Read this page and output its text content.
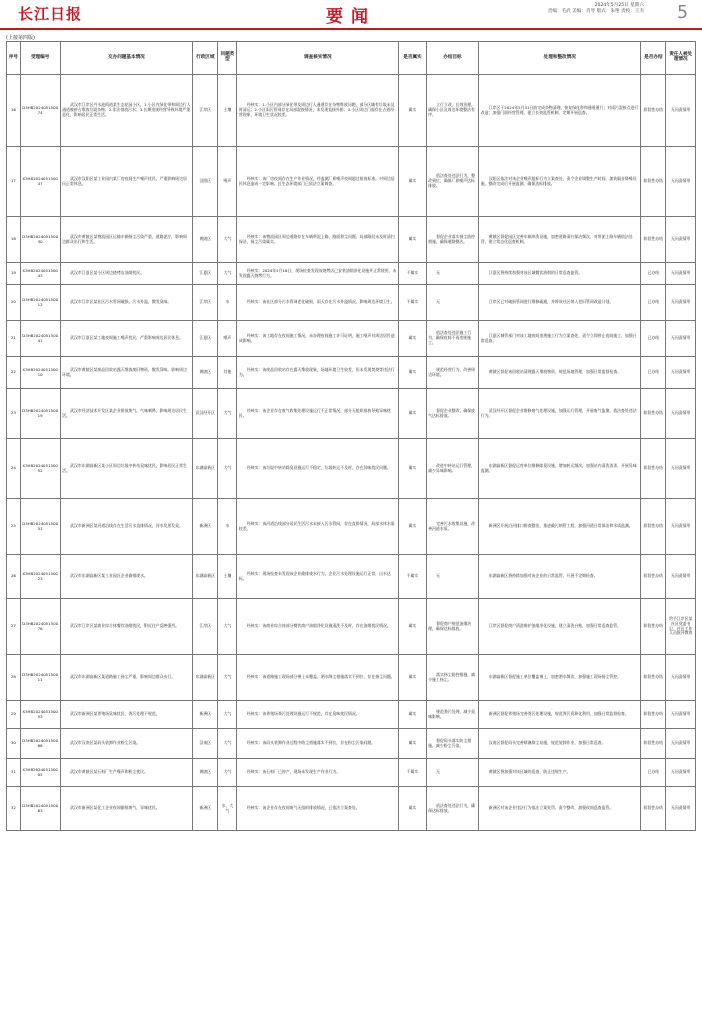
长江日报	要闻
2024年5月25日 星期六
责编：毛武 美编：肖琴 版式：朱艳 责校：王杰 5
(上接第四版)
序号	受理编号	交办问题基本情况	行政区域	问题类型	调查核实情况	是否属实	办结目标	处理和整改情况	是否办结	责任人被处理情况
16	D3HB202405150074	武汉市江岸区丹水池街道某生态花园小区，1.小区内绿化带和周边行人通道被挤占堆放垃圾杂物；2.非法排放污水；3.长期违规经营导致环境严重恶化，影响居民正常生活。	江岸区	土壤	经核实：1.小区内部分绿化带及周边行人通道存在杂物堆放问题，部分区域有垃圾未及时清运；2.小区雨污管网存在局部混接情况，未发现直接外排；3.小区周边门面存在占道经营现象，环境卫生状况较差。	属实	立行立改，长效治理，确保小区及周边环境整洁有序。	江岸区于2024年5月31日前完成杂物清理，恢复绿化带和通道通行；对雨污混接点进行改造；加强门面经营管理，建立长效监管机制，定期开展巡查。	阶段性办结	无问责情形
17	X3HB202405150047	武汉市汉阳区某工业园内某厂房夜间生产噪声扰民，严重影响周边居民正常休息。	汉阳区	噪声	经核实：该厂房夜间存在生产作业情况，经监测厂界噪声夜间超过排放标准，对周边居民休息造成一定影响。区生态环境部门已依法立案调查。	属实	依法查处违法行为，整改到位，确保厂界噪声达标排放。	汉阳区依法对该企业噪声超标行为立案查处，责令企业调整生产时间，加装隔音降噪设施，整改完成后开展监测，确保达标排放。	阶段性办结	无问责情形
18	D3HB202405150030	武汉市黄陂区某物流园区运输车辆扬尘污染严重，道路泥泞，影响周边群众出行和生活。	黄陂区	大气	经核实：该物流园区周边道路存在车辆带泥上路、路面积尘问题，局部路段未及时清扫保洁，扬尘污染属实。	属实	督促企业落实扬尘防控措施，确保道路整洁。	黄陂区督促园区完善车辆冲洗设施，加密道路清扫保洁频次，对带泥上路车辆依法处罚，建立常态化巡查机制。	阶段性办结	无问责情形
19	X3HB202405150043	武汉市江夏区某小区周边烧烤店油烟扰民。	江夏区	大气	经核实：2024年5月16日，现场检查发现该烧烤店已安装油烟净化设施并正常使用，未发现露天烧烤行为。	不属实	无	江夏区将持续加强对该区域餐饮油烟的日常巡查监管。	已办结	无问责情形
20	D3HB202405150012	武汉市江岸区某社区污水管网破损，污水外溢，散发臭味。	江岸区	水	经核实：该社区部分污水管网老化破损，雨天存在污水外溢情况，影响周边环境卫生。	不属实	无	江岸区已对破损管网进行维修疏通，并将该社区纳入老旧管网改造计划。	已办结	无问责情形
21	D3HB202405150041	武汉市江夏区某工地夜间施工噪声扰民，严重影响周边居民休息。	江夏区	噪声	经核实：该工地存在夜间施工情况，未办理夜间施工许可证明，施工噪声对周边居民造成影响。	属实	依法查处违法施工行为，确保夜间不再违规施工。	江夏区城管部门对该工地夜间违规施工行为立案查处，责令立即停止夜间施工，加强日常巡查。	已办结	无问责情形
22	X3HB202405150010	武汉市黄陂区某废品回收站露天堆放废旧物资，散发异味，影响周边环境。	黄陂区	其他	经核实：该废品回收站存在露天堆放现象，场地环境卫生较差，但未发现焚烧等违法行为。	属实	规范经营行为，改善周边环境。	黄陂区督促该回收站清理露天堆放物资，规范场地管理，加强日常监督检查。	已办结	无问责情形
23	D3HB202405150019	武汉市经济技术开发区某企业排放废气，气味刺鼻，影响周边居民生活。	武汉经开区	大气	经核实：该企业存在废气收集处理设施运行不正常情况，部分无组织排放导致异味扰民。	属实	督促企业整改，确保废气达标排放。	武汉经开区督促企业维修废气处理设施，加强运行管理，开展废气监测，依法查处违法行为。	阶段性办结	无问责情形
24	X3HB202405150052	武汉市东湖高新区某小区周边垃圾中转站臭味扰民，影响居民正常生活。	东湖高新区	大气	经核实：该垃圾中转站除臭设施运行不稳定，垃圾转运不及时，存在异味扰民问题。	属实	改进中转站运行管理，减少异味影响。	东湖高新区督促运营单位维修除臭设施，增加转运频次，加强站内清洗消杀，开展异味监测。	阶段性办结	无问责情形
25	D3HB202405150051	武汉市新洲区某河道沿线存在生活污水直排情况，河水发黑发臭。	新洲区	水	经核实：该河道沿线部分居民生活污水未接入污水管网，存在直排情况，局部水体水质较差。	属实	完善污水收集设施，改善河道水质。	新洲区开展沿河排口排查整治，推进截污纳管工程，加强河道日常保洁和水质监测。	阶段性办结	无问责情形
26	X3HB202405150023	武汉市东湖高新区某工业园区企业偷排废水。	东湖高新区	土壤	经核实：现场检查未发现该企业偷排废水行为，企业污水处理设施运行正常，出水达标。	不属实	无	东湖高新区将持续加强对该企业的日常监管，开展不定期检查。	阶段性办结	无问责情形
27	D3HB202405150076	武汉市江岸区某商业综合体餐饮油烟扰民，附近住户反映强烈。	江岸区	大气	经核实：该商业综合体部分餐饮商户油烟净化设施清洗不及时，存在油烟扰民情况。	属实	督促商户规范油烟治理，确保达标排放。	江岸区督促商户清洗维护油烟净化设施，建立清洗台账，加强日常巡查监管。	阶段性办结	给予江岸区某社区党委书记、社区工作人员批评教育
28	D3HB202405150011	武汉市东湖高新区某道路施工扬尘严重，影响周边群众出行。	东湖高新区	大气	经核实：该道路施工现场部分裸土未覆盖，洒水降尘措施落实不到位，存在扬尘问题。	属实	落实扬尘防控措施，减少施工扬尘。	东湖高新区督促施工单位覆盖裸土，加密洒水频次，加强施工现场扬尘管控。	阶段性办结	无问责情形
29	X3HB202405150053	武汉市新洲区某养殖场臭味扰民，粪污处理不规范。	新洲区	大气	经核实：该养殖场粪污处理设施运行不规范，存在臭味扰民情况。	属实	规范粪污处理，减少臭味影响。	新洲区督促养殖场完善粪污处理设施，规范粪污资源化利用，加强日常监督检查。	阶段性办结	无问责情形
30	D3HB202405150068	武汉市汉南区某码头装卸作业粉尘污染。	汉南区	大气	经核实：该码头装卸作业过程中防尘措施落实不到位，存在粉尘污染问题。	属实	督促码头落实防尘措施，减少粉尘污染。	汉南区督促码头完善喷淋抑尘设施，规范装卸作业，加强日常巡查。	阶段性办结	无问责情形
31	X3HB202405150005	武汉市黄陂区某石料厂生产噪声和粉尘扰民。	黄陂区	大气	经核实：该石料厂已停产，现场未发现生产作业行为。	不属实	无	黄陂区将加强对该区域的巡查，防止违规生产。	已办结	无问责情形
32	D3HB202405150063	武汉市新洲区某化工企业夜间偷排废气，异味扰民。	新洲区	水、大气	经核实：该企业存在夜间废气无组织排放情况，已依法立案查处。	属实	依法查处违法行为，确保达标排放。	新洲区对该企业违法行为依法立案处罚，责令整改，加强夜间巡查监管。	阶段性办结	无问责情形
